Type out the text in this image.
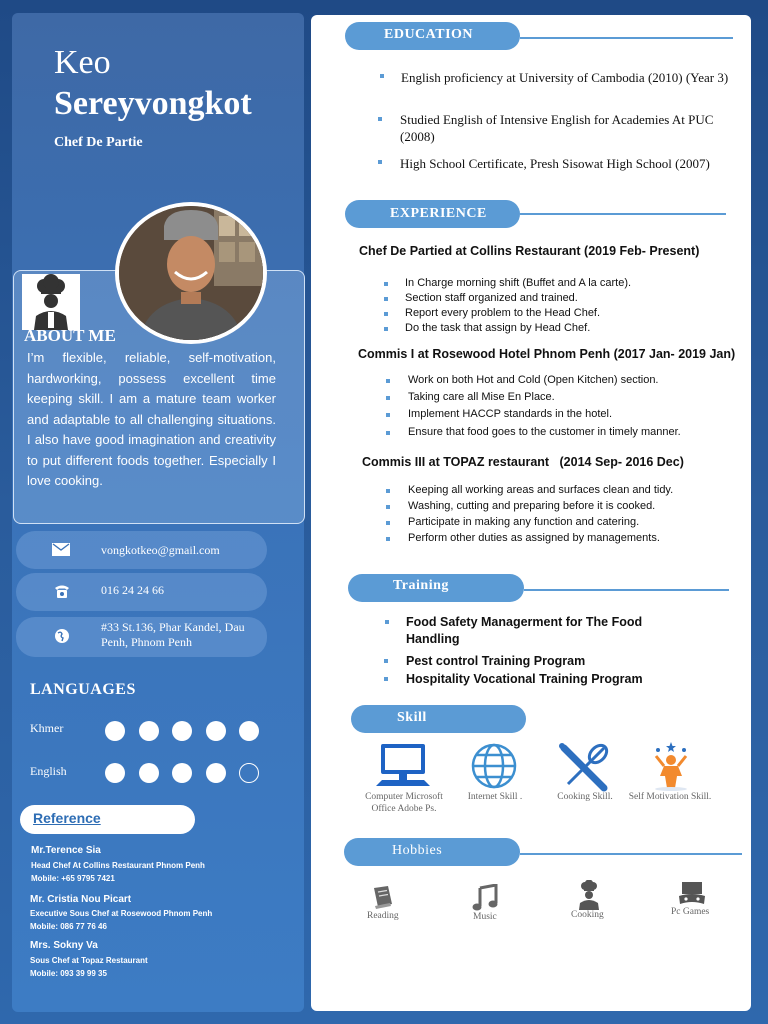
Keo
Sereyvongkot
Chef De Partie
ABOUT ME
I’m flexible, reliable, self-motivation, hardworking, possess excellent time keeping skill. I am a mature team worker and adaptable to all challenging situations. I also have good imagination and creativity to put different foods together. Especially I love cooking.
vongkotkeo@gmail.com
016 24 24 66
#33 St.136, Phar Kandel, Dau Penh, Phnom Penh
LANGUAGES
Khmer
English
Reference
Mr.Terence Sia
Head Chef At Collins Restaurant Phnom Penh
Mobile: +65 9795 7421
Mr. Cristia Nou Picart
Executive Sous Chef at Rosewood Phnom Penh
Mobile: 086 77 76 46
Mrs. Sokny Va
Sous Chef at Topaz Restaurant
Mobile: 093 39 99 35
EDUCATION
English proficiency at University of Cambodia (2010) (Year 3)
Studied English of Intensive English for Academies At PUC (2008)
High School Certificate, Presh Sisowat High School (2007)
EXPERIENCE
Chef De Partied at Collins Restaurant (2019 Feb- Present)
In Charge morning shift (Buffet and A la carte).
Section staff organized and trained.
Report every problem to the Head Chef.
Do the task that assign by Head Chef.
Commis I at Rosewood Hotel Phnom Penh (2017 Jan- 2019 Jan)
Work on both Hot and Cold (Open Kitchen) section.
Taking care all Mise En Place.
Implement HACCP standards in the hotel.
Ensure that food goes to the customer in timely manner.
Commis III at TOPAZ restaurant   (2014 Sep- 2016 Dec)
Keeping all working areas and surfaces clean and tidy.
Washing, cutting and preparing before it is cooked.
Participate in making any function and catering.
Perform other duties as assigned by managements.
Training
Food Safety Managerment for The Food Handling
Pest control Training Program
Hospitality Vocational Training Program
Skill
Computer Microsoft Office Adobe Ps.
Internet Skill .	Cooking Skill.	Self Motivation Skill.
Hobbies
Reading	Music	Cooking	Pc Games
